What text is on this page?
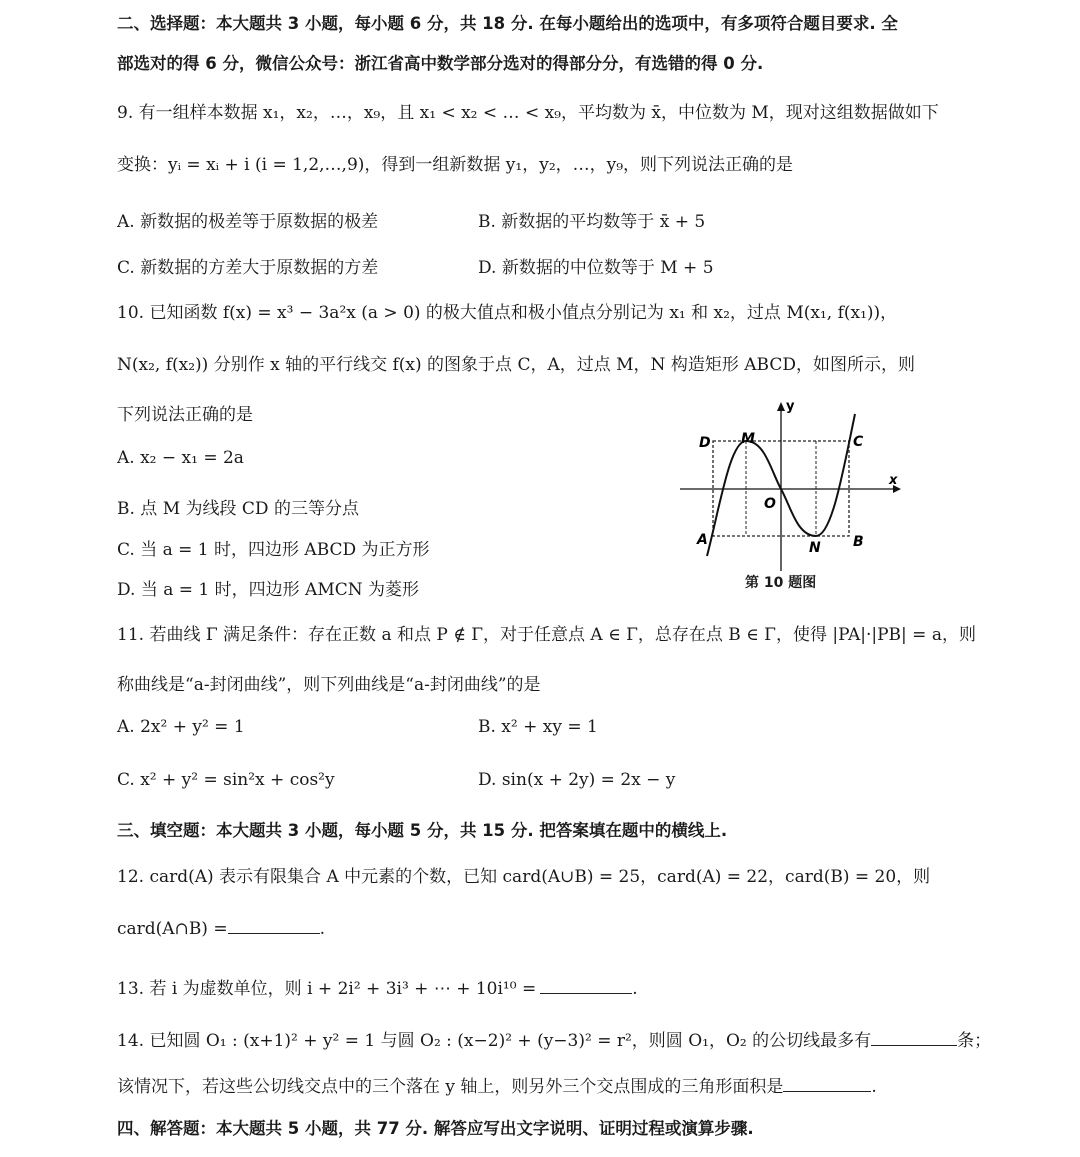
二、选择题：本大题共 3 小题，每小题 6 分，共 18 分. 在每小题给出的选项中，有多项符合题目要求. 全
部选对的得 6 分，微信公众号：浙江省高中数学部分选对的得部分分，有选错的得 0 分.
9. 有一组样本数据 x₁，x₂，…，x₉，且 x₁ < x₂ < … < x₉，平均数为 x̄，中位数为 M，现对这组数据做如下
变换：yᵢ = xᵢ + i (i = 1,2,…,9)，得到一组新数据 y₁，y₂，…，y₉，则下列说法正确的是
A. 新数据的极差等于原数据的极差	B. 新数据的平均数等于 x̄ + 5
C. 新数据的方差大于原数据的方差	D. 新数据的中位数等于 M + 5
10. 已知函数 f(x) = x³ − 3a²x (a > 0) 的极大值点和极小值点分别记为 x₁ 和 x₂，过点 M(x₁, f(x₁))，
N(x₂, f(x₂)) 分别作 x 轴的平行线交 f(x) 的图象于点 C，A，过点 M，N 构造矩形 ABCD，如图所示，则
下列说法正确的是
A. x₂ − x₁ = 2a
B. 点 M 为线段 CD 的三等分点
C. 当 a = 1 时，四边形 ABCD 为正方形
D. 当 a = 1 时，四边形 AMCN 为菱形
y
x
D M	C
O
A	N B
第 10 题图
11. 若曲线 Γ 满足条件：存在正数 a 和点 P ∉ Γ，对于任意点 A ∈ Γ，总存在点 B ∈ Γ，使得 |PA|·|PB| = a，则
称曲线是“a-封闭曲线”，则下列曲线是“a-封闭曲线”的是
A. 2x² + y² = 1	B. x² + xy = 1
C. x² + y² = sin²x + cos²y	D. sin(x + 2y) = 2x − y
三、填空题：本大题共 3 小题，每小题 5 分，共 15 分. 把答案填在题中的横线上.
12. card(A) 表示有限集合 A 中元素的个数，已知 card(A∪B) = 25，card(A) = 22，card(B) = 20，则
card(A∩B) =	.
13. 若 i 为虚数单位，则 i + 2i² + 3i³ + ⋯ + 10i¹⁰ =	.
14. 已知圆 O₁ : (x+1)² + y² = 1 与圆 O₂ : (x−2)² + (y−3)² = r²，则圆 O₁，O₂ 的公切线最多有	条；
该情况下，若这些公切线交点中的三个落在 y 轴上，则另外三个交点围成的三角形面积是	.
四、解答题：本大题共 5 小题，共 77 分. 解答应写出文字说明、证明过程或演算步骤.
